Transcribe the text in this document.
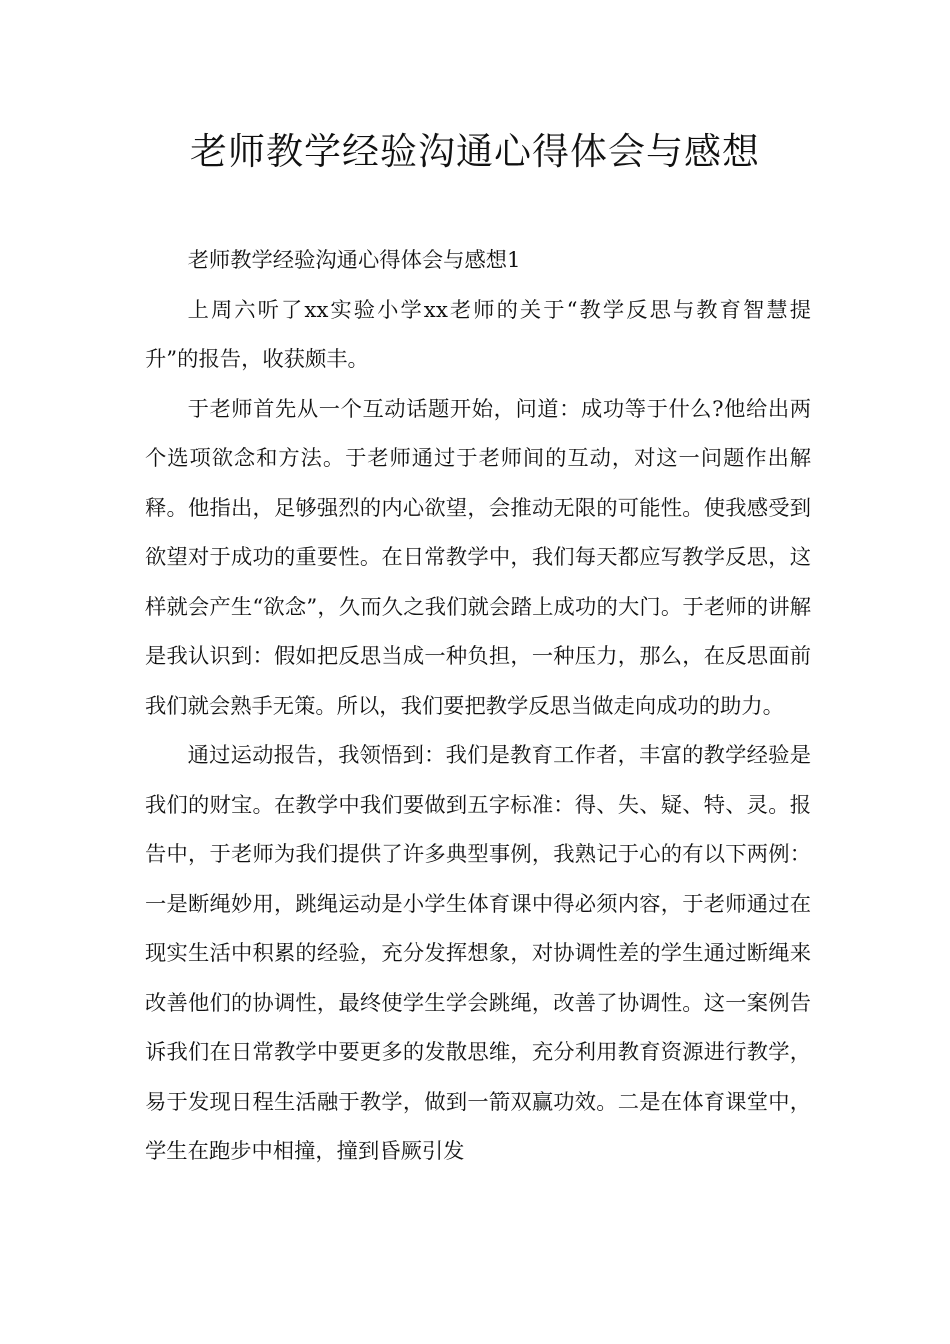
老师教学经验沟通心得体会与感想

老师教学经验沟通心得体会与感想1

上周六听了xx实验小学xx老师的关于“教学反思与教育智慧提升”的报告，收获颇丰。

于老师首先从一个互动话题开始，问道：成功等于什么?他给出两个选项欲念和方法。于老师通过于老师间的互动，对这一问题作出解释。他指出，足够强烈的内心欲望，会推动无限的可能性。使我感受到欲望对于成功的重要性。在日常教学中，我们每天都应写教学反思，这样就会产生“欲念”，久而久之我们就会踏上成功的大门。于老师的讲解是我认识到：假如把反思当成一种负担，一种压力，那么，在反思面前我们就会熟手无策。所以，我们要把教学反思当做走向成功的助力。

通过运动报告，我领悟到：我们是教育工作者，丰富的教学经验是我们的财宝。在教学中我们要做到五字标准：得、失、疑、特、灵。报告中，于老师为我们提供了许多典型事例，我熟记于心的有以下两例：一是断绳妙用，跳绳运动是小学生体育课中得必须内容，于老师通过在现实生活中积累的经验，充分发挥想象，对协调性差的学生通过断绳来改善他们的协调性，最终使学生学会跳绳，改善了协调性。这一案例告诉我们在日常教学中要更多的发散思维，充分利用教育资源进行教学，易于发现日程生活融于教学，做到一箭双赢功效。二是在体育课堂中，学生在跑步中相撞，撞到昏厥引发
